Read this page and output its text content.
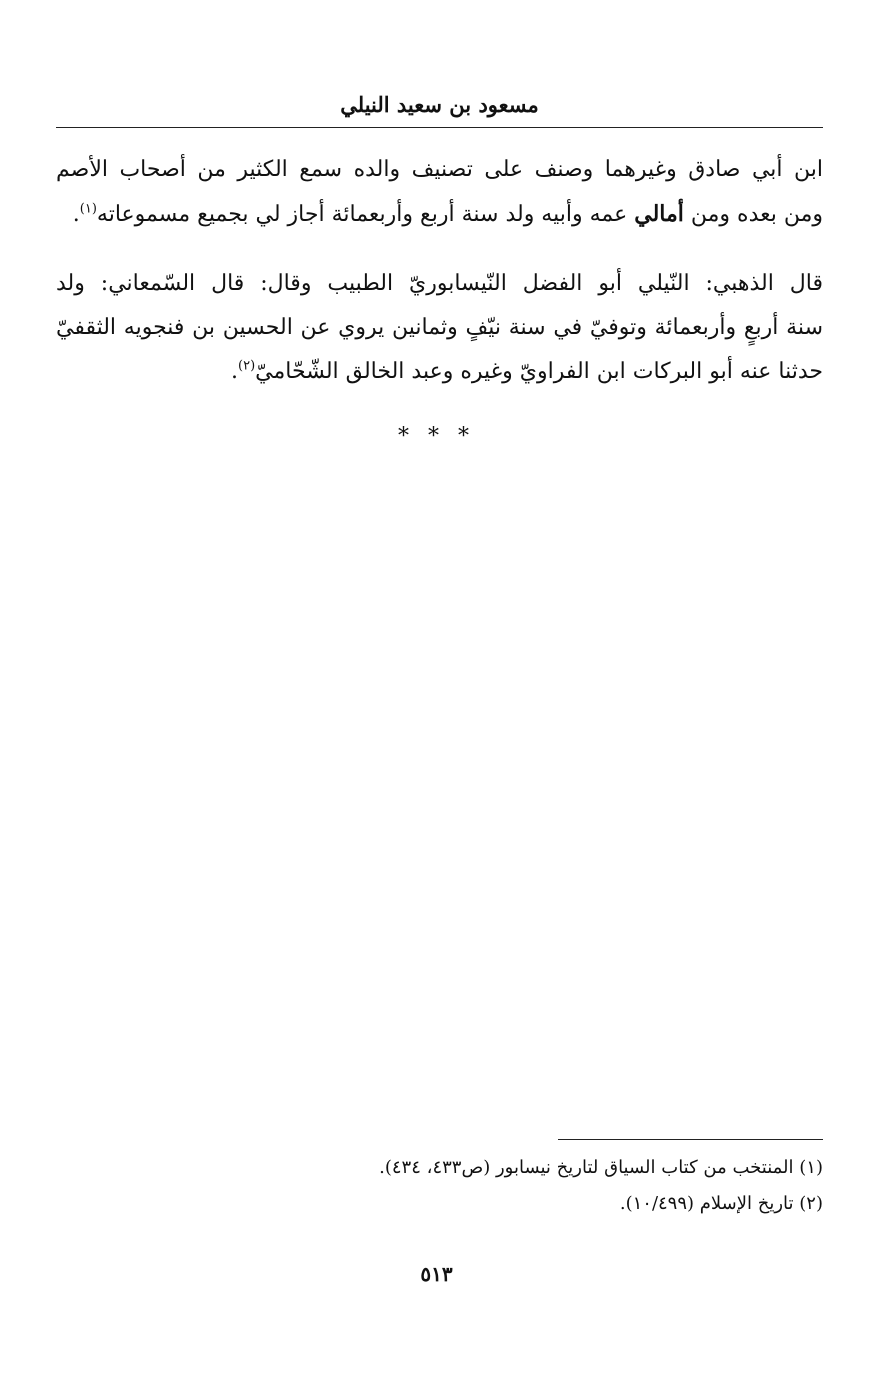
مسعود بن سعيد النيلي
ابن أبي صادق وغيرهما وصنف على تصنيف والده سمع الكثير من أصحاب الأصم
ومن بعده ومن أمالي عمه وأبيه ولد سنة أربع وأربعمائة أجاز لي بجميع مسموعاته$^{(١)}$.
قال الذهبي: النّيلي أبو الفضل النّيسابوريّ الطبيب وقال: قال السّمعاني: ولد
سنة أربعٍ وأربعمائة وتوفيّ في سنة نيّفٍ وثمانين يروي عن الحسين بن فنجويه الثقفيّ
حدثنا عنه أبو البركات ابن الفراويّ وغيره وعبد الخالق الشّحّاميّ$^{(٢)}$.
* * *
(١) المنتخب من كتاب السياق لتاريخ نيسابور (ص٤٣٣، ٤٣٤).
(٢) تاريخ الإسلام (١٠/٤٩٩).
٥١٣
